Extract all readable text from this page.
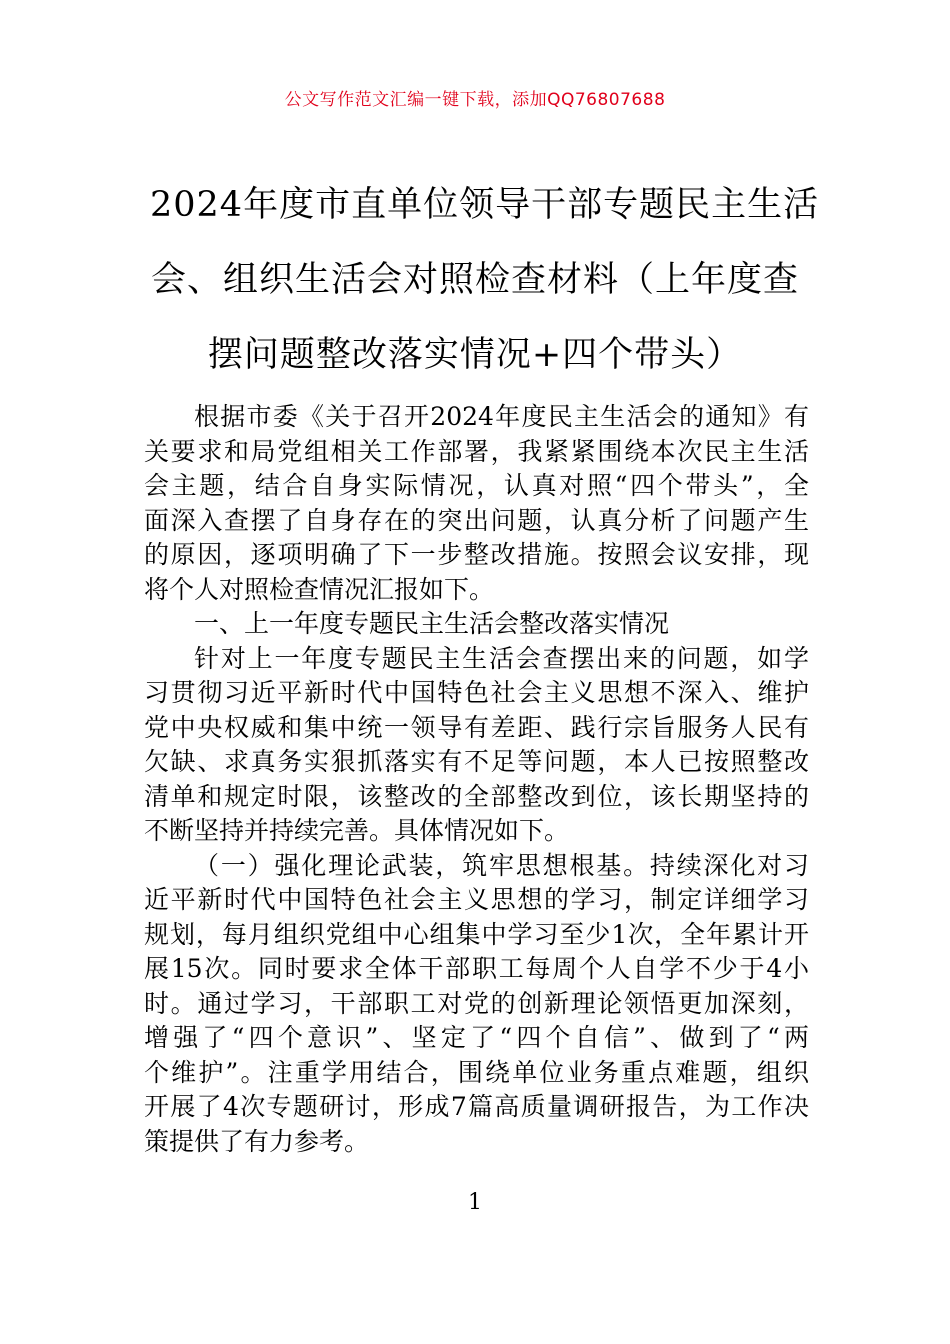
公文写作范文汇编一键下载，添加QQ76807688
2024年度市直单位领导干部专题民主生活
会、组织生活会对照检查材料（上年度查
摆问题整改落实情况+四个带头）

根据市委《关于召开2024年度民主生活会的通知》有
关要求和局党组相关工作部署，我紧紧围绕本次民主生活
会主题，结合自身实际情况，认真对照“四个带头”，全
面深入查摆了自身存在的突出问题，认真分析了问题产生
的原因，逐项明确了下一步整改措施。按照会议安排，现
将个人对照检查情况汇报如下。

一、上一年度专题民主生活会整改落实情况

针对上一年度专题民主生活会查摆出来的问题，如学
习贯彻习近平新时代中国特色社会主义思想不深入、维护
党中央权威和集中统一领导有差距、践行宗旨服务人民有
欠缺、求真务实狠抓落实有不足等问题，本人已按照整改
清单和规定时限，该整改的全部整改到位，该长期坚持的
不断坚持并持续完善。具体情况如下。

（一）强化理论武装，筑牢思想根基。持续深化对习
近平新时代中国特色社会主义思想的学习，制定详细学习
规划，每月组织党组中心组集中学习至少1次，全年累计开
展15次。同时要求全体干部职工每周个人自学不少于4小
时。通过学习，干部职工对党的创新理论领悟更加深刻，
增强了“四个意识”、坚定了“四个自信”、做到了“两
个维护”。注重学用结合，围绕单位业务重点难题，组织
开展了4次专题研讨，形成7篇高质量调研报告，为工作决
策提供了有力参考。

1
